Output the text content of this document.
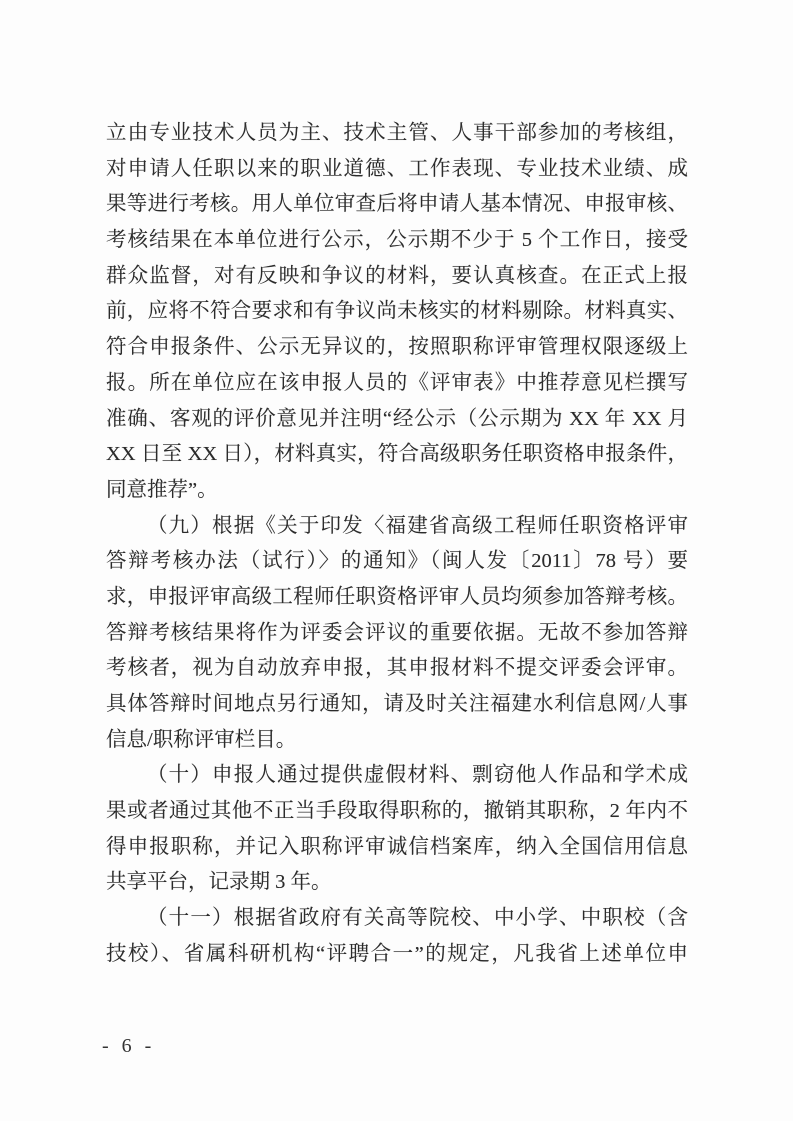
立由专业技术人员为主、技术主管、人事干部参加的考核组，
对申请人任职以来的职业道德、工作表现、专业技术业绩、成
果等进行考核。用人单位审查后将申请人基本情况、申报审核、
考核结果在本单位进行公示，公示期不少于 5 个工作日，接受
群众监督，对有反映和争议的材料，要认真核查。在正式上报
前，应将不符合要求和有争议尚未核实的材料剔除。材料真实、
符合申报条件、公示无异议的，按照职称评审管理权限逐级上
报。所在单位应在该申报人员的《评审表》中推荐意见栏撰写
准确、客观的评价意见并注明“经公示（公示期为 XX 年 XX 月
XX 日至 XX 日），材料真实，符合高级职务任职资格申报条件，
同意推荐”。
（九）根据《关于印发〈福建省高级工程师任职资格评审
答辩考核办法（试行）〉的通知》（闽人发〔2011〕78 号）要
求，申报评审高级工程师任职资格评审人员均须参加答辩考核。
答辩考核结果将作为评委会评议的重要依据。无故不参加答辩
考核者，视为自动放弃申报，其申报材料不提交评委会评审。
具体答辩时间地点另行通知，请及时关注福建水利信息网/人事
信息/职称评审栏目。
（十）申报人通过提供虚假材料、剽窃他人作品和学术成
果或者通过其他不正当手段取得职称的，撤销其职称，2 年内不
得申报职称，并记入职称评审诚信档案库，纳入全国信用信息
共享平台，记录期 3 年。
（十一）根据省政府有关高等院校、中小学、中职校（含
技校）、省属科研机构“评聘合一”的规定，凡我省上述单位申
- 6 -
